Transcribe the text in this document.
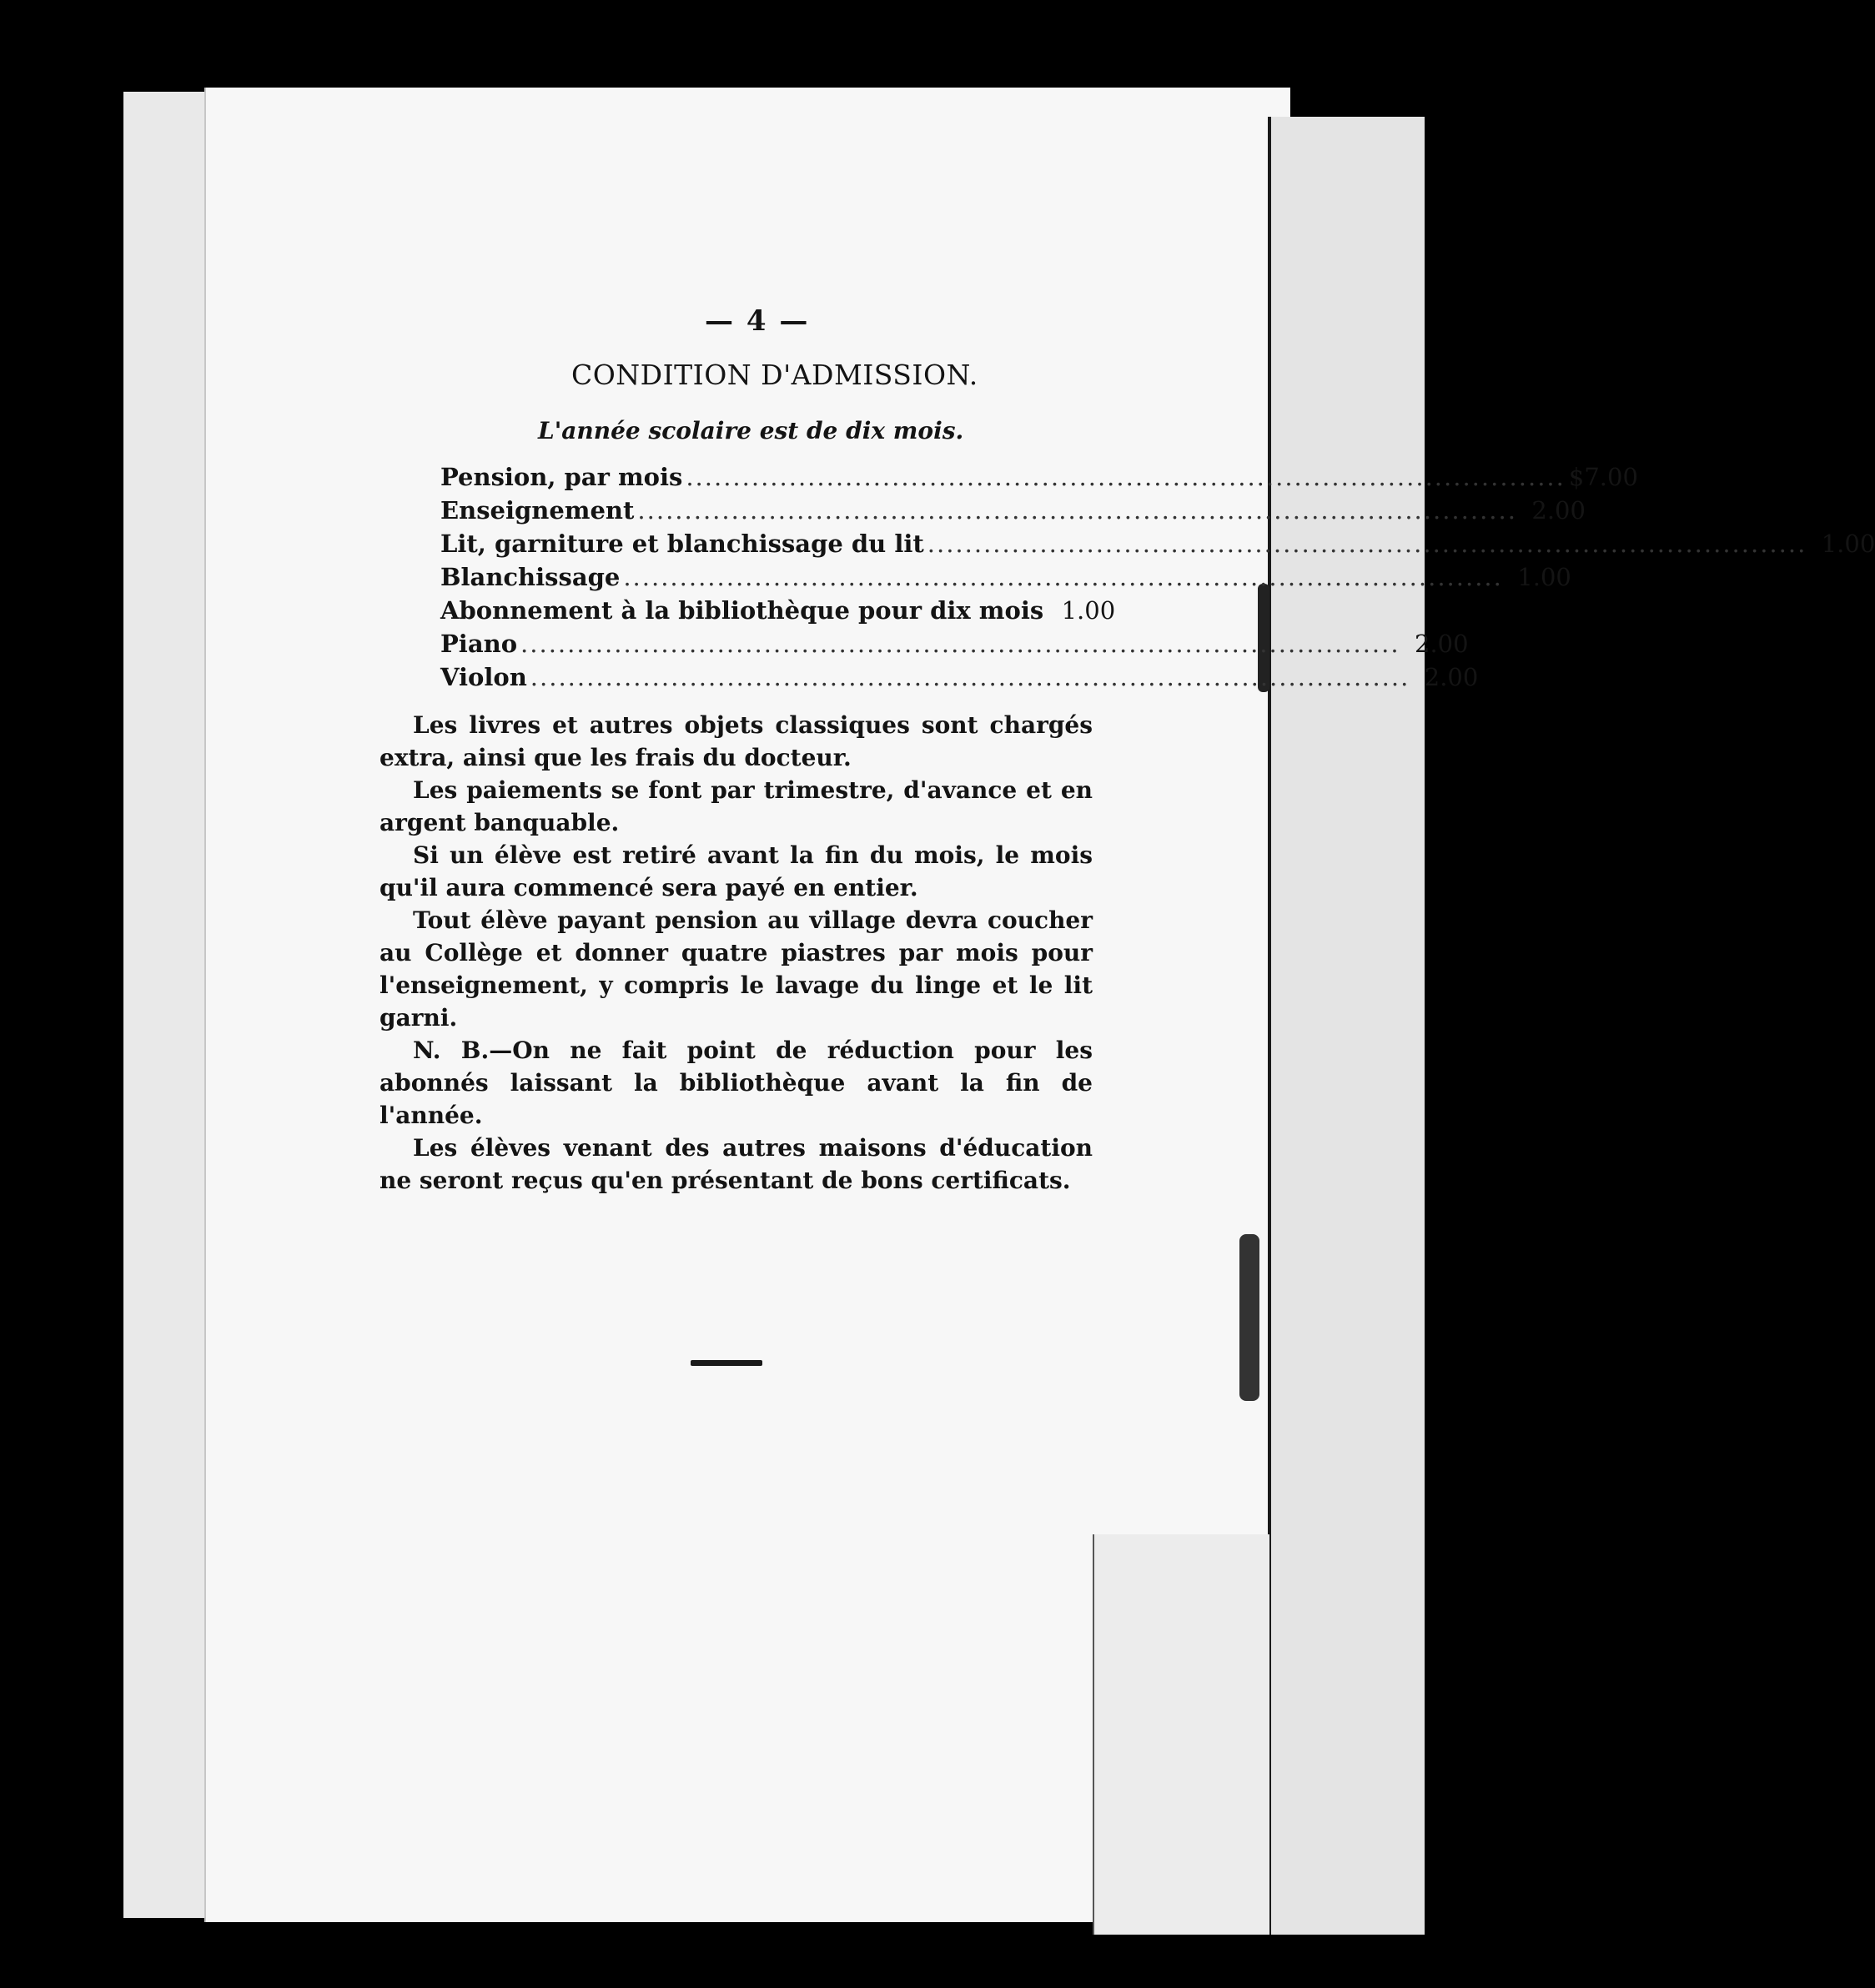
— 4 —
CONDITION D'ADMISSION.
L'année scolaire est de dix mois.
Pension, par mois .............................................................................................. $7.00
Enseignement .............................................................................................. 2.00
Lit, garniture et blanchissage du lit .............................................................................................. 1.00
Blanchissage .............................................................................................. 1.00
Abonnement à la bibliothèque pour dix mois 1.00
Piano .............................................................................................. 2.00
Violon .............................................................................................. 2.00

Les livres et autres objets classiques sont chargés extra, ainsi que les frais du docteur.

Les paiements se font par trimestre, d'avance et en argent banquable.

Si un élève est retiré avant la fin du mois, le mois qu'il aura commencé sera payé en entier.

Tout élève payant pension au village devra coucher au Collège et donner quatre piastres par mois pour l'enseignement, y compris le lavage du linge et le lit garni.

N. B.—On ne fait point de réduction pour les abonnés laissant la bibliothèque avant la fin de l'année.

Les élèves venant des autres maisons d'éducation ne seront reçus qu'en présentant de bons certificats.
